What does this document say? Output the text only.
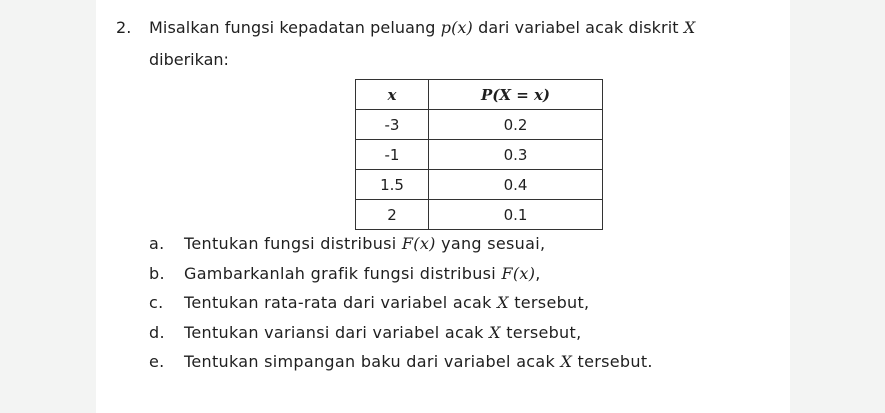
2. Misalkan fungsi kepadatan peluang p(x) dari variabel acak diskrit X
diberikan:
x	P(X = x)
-3	0.2
-1	0.3
1.5	0.4
2	0.1
a.	Tentukan fungsi distribusi F(x) yang sesuai,
b.	Gambarkanlah grafik fungsi distribusi F(x),
c.	Tentukan rata-rata dari variabel acak X tersebut,
d.	Tentukan variansi dari variabel acak X tersebut,
e.	Tentukan simpangan baku dari variabel acak X tersebut.
